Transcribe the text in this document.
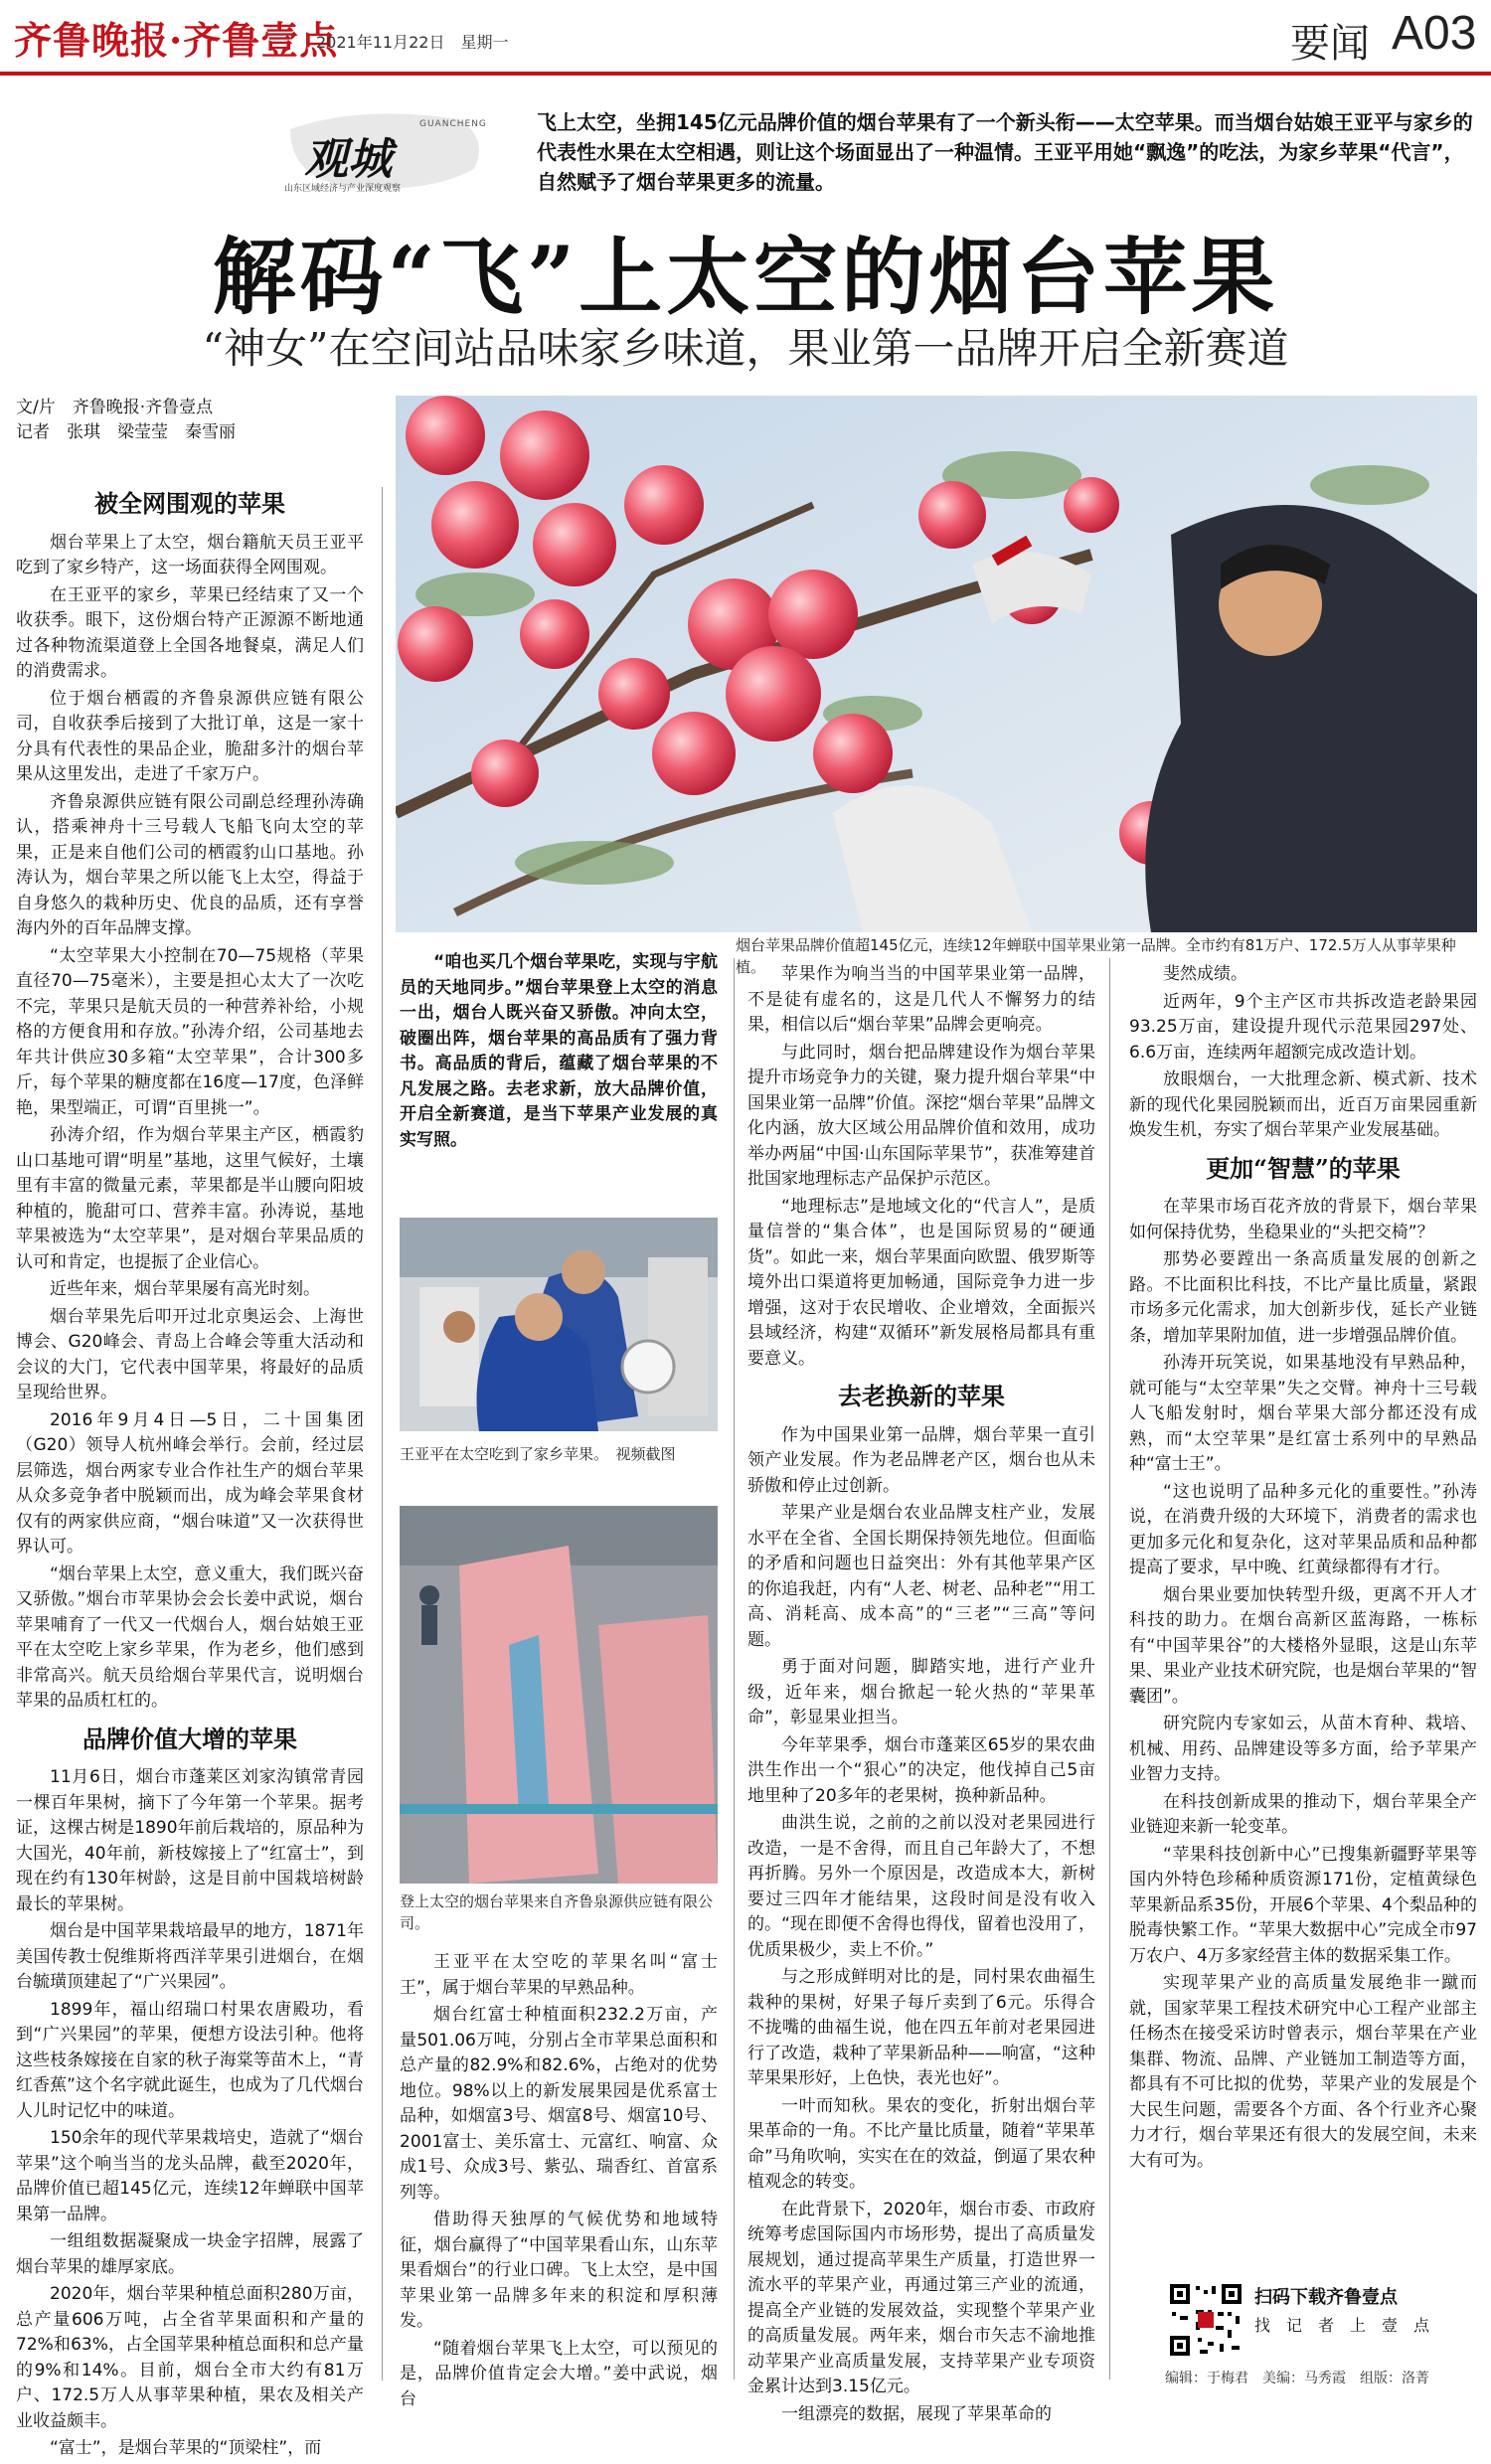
齐鲁晚报·齐鲁壹点
2021年11月22日　星期一	要闻 A03
观城
GUANCHENG
山东区域经济与产业深度观察
飞上太空，坐拥145亿元品牌价值的烟台苹果有了一个新头衔——太空苹果。而当烟台姑娘王亚平与家乡的代表性水果在太空相遇，则让这个场面显出了一种温情。王亚平用她“飘逸”的吃法，为家乡苹果“代言”，自然赋予了烟台苹果更多的流量。
解码“飞”上太空的烟台苹果
“神女”在空间站品味家乡味道，果业第一品牌开启全新赛道
文/片　齐鲁晚报·齐鲁壹点
记者　张琪　梁莹莹　秦雪丽
烟台苹果品牌价值超145亿元，连续12年蝉联中国苹果业第一品牌。全市约有81万户、172.5万人从事苹果种植。
被全网围观的苹果

烟台苹果上了太空，烟台籍航天员王亚平吃到了家乡特产，这一场面获得全网围观。

在王亚平的家乡，苹果已经结束了又一个收获季。眼下，这份烟台特产正源源不断地通过各种物流渠道登上全国各地餐桌，满足人们的消费需求。

位于烟台栖霞的齐鲁泉源供应链有限公司，自收获季后接到了大批订单，这是一家十分具有代表性的果品企业，脆甜多汁的烟台苹果从这里发出，走进了千家万户。

齐鲁泉源供应链有限公司副总经理孙涛确认，搭乘神舟十三号载人飞船飞向太空的苹果，正是来自他们公司的栖霞豹山口基地。孙涛认为，烟台苹果之所以能飞上太空，得益于自身悠久的栽种历史、优良的品质，还有享誉海内外的百年品牌支撑。

“太空苹果大小控制在70—75规格（苹果直径70—75毫米），主要是担心太大了一次吃不完，苹果只是航天员的一种营养补给，小规格的方便食用和存放。”孙涛介绍，公司基地去年共计供应30多箱“太空苹果”，合计300多斤，每个苹果的糖度都在16度—17度，色泽鲜艳，果型端正，可谓“百里挑一”。

孙涛介绍，作为烟台苹果主产区，栖霞豹山口基地可谓“明星”基地，这里气候好，土壤里有丰富的微量元素，苹果都是半山腰向阳坡种植的，脆甜可口、营养丰富。孙涛说，基地苹果被选为“太空苹果”，是对烟台苹果品质的认可和肯定，也提振了企业信心。

近些年来，烟台苹果屡有高光时刻。

烟台苹果先后叩开过北京奥运会、上海世博会、G20峰会、青岛上合峰会等重大活动和会议的大门，它代表中国苹果，将最好的品质呈现给世界。

2016年9月4日—5日，二十国集团（G20）领导人杭州峰会举行。会前，经过层层筛选，烟台两家专业合作社生产的烟台苹果从众多竞争者中脱颖而出，成为峰会苹果食材仅有的两家供应商，“烟台味道”又一次获得世界认可。

“烟台苹果上太空，意义重大，我们既兴奋又骄傲。”烟台市苹果协会会长姜中武说，烟台苹果哺育了一代又一代烟台人，烟台姑娘王亚平在太空吃上家乡苹果，作为老乡，他们感到非常高兴。航天员给烟台苹果代言，说明烟台苹果的品质杠杠的。

品牌价值大增的苹果

11月6日，烟台市蓬莱区刘家沟镇常青园一棵百年果树，摘下了今年第一个苹果。据考证，这棵古树是1890年前后栽培的，原品种为大国光，40年前，新枝嫁接上了“红富士”，到现在约有130年树龄，这是目前中国栽培树龄最长的苹果树。

烟台是中国苹果栽培最早的地方，1871年美国传教士倪维斯将西洋苹果引进烟台，在烟台毓璜顶建起了“广兴果园”。

1899年，福山绍瑞口村果农唐殿功，看到“广兴果园”的苹果，便想方设法引种。他将这些枝条嫁接在自家的秋子海棠等苗木上，“青红香蕉”这个名字就此诞生，也成为了几代烟台人儿时记忆中的味道。

150余年的现代苹果栽培史，造就了“烟台苹果”这个响当当的龙头品牌，截至2020年，品牌价值已超145亿元，连续12年蝉联中国苹果第一品牌。

一组组数据凝聚成一块金字招牌，展露了烟台苹果的雄厚家底。

2020年，烟台苹果种植总面积280万亩，总产量606万吨，占全省苹果面积和产量的72%和63%，占全国苹果种植总面积和总产量的9%和14%。目前，烟台全市大约有81万户、172.5万人从事苹果种植，果农及相关产业收益颇丰。

“富士”，是烟台苹果的“顶梁柱”，而

“咱也买几个烟台苹果吃，实现与宇航员的天地同步。”烟台苹果登上太空的消息一出，烟台人既兴奋又骄傲。冲向太空，破圈出阵，烟台苹果的高品质有了强力背书。高品质的背后，蕴藏了烟台苹果的不凡发展之路。去老求新，放大品牌价值，开启全新赛道，是当下苹果产业发展的真实写照。

王亚平在太空吃到了家乡苹果。　视频截图
登上太空的烟台苹果来自齐鲁泉源供应链有限公司。

王亚平在太空吃的苹果名叫“富士王”，属于烟台苹果的早熟品种。

烟台红富士种植面积232.2万亩，产量501.06万吨，分别占全市苹果总面积和总产量的82.9%和82.6%，占绝对的优势地位。98%以上的新发展果园是优系富士品种，如烟富3号、烟富8号、烟富10号、2001富士、美乐富士、元富红、响富、众成1号、众成3号、紫弘、瑞香红、首富系列等。

借助得天独厚的气候优势和地域特征，烟台赢得了“中国苹果看山东，山东苹果看烟台”的行业口碑。飞上太空，是中国苹果业第一品牌多年来的积淀和厚积薄发。

“随着烟台苹果飞上太空，可以预见的是，品牌价值肯定会大增。”姜中武说，烟台

苹果作为响当当的中国苹果业第一品牌，不是徒有虚名的，这是几代人不懈努力的结果，相信以后“烟台苹果”品牌会更响亮。

与此同时，烟台把品牌建设作为烟台苹果提升市场竞争力的关键，聚力提升烟台苹果“中国果业第一品牌”价值。深挖“烟台苹果”品牌文化内涵，放大区域公用品牌价值和效用，成功举办两届“中国·山东国际苹果节”，获准筹建首批国家地理标志产品保护示范区。

“地理标志”是地域文化的“代言人”，是质量信誉的“集合体”，也是国际贸易的“硬通货”。如此一来，烟台苹果面向欧盟、俄罗斯等境外出口渠道将更加畅通，国际竞争力进一步增强，这对于农民增收、企业增效，全面振兴县域经济，构建“双循环”新发展格局都具有重要意义。

去老换新的苹果

作为中国果业第一品牌，烟台苹果一直引领产业发展。作为老品牌老产区，烟台也从未骄傲和停止过创新。

苹果产业是烟台农业品牌支柱产业，发展水平在全省、全国长期保持领先地位。但面临的矛盾和问题也日益突出：外有其他苹果产区的你追我赶，内有“人老、树老、品种老”“用工高、消耗高、成本高”的“三老”“三高”等问题。

勇于面对问题，脚踏实地，进行产业升级，近年来，烟台掀起一轮火热的“苹果革命”，彰显果业担当。

今年苹果季，烟台市蓬莱区65岁的果农曲洪生作出一个“狠心”的决定，他伐掉自己5亩地里种了20多年的老果树，换种新品种。

曲洪生说，之前的之前以没对老果园进行改造，一是不舍得，而且自己年龄大了，不想再折腾。另外一个原因是，改造成本大，新树要过三四年才能结果，这段时间是没有收入的。“现在即便不舍得也得伐，留着也没用了，优质果极少，卖上不价。”

与之形成鲜明对比的是，同村果农曲福生栽种的果树，好果子每斤卖到了6元。乐得合不拢嘴的曲福生说，他在四五年前对老果园进行了改造，栽种了苹果新品种——响富，“这种苹果果形好，上色快，表光也好”。

一叶而知秋。果农的变化，折射出烟台苹果革命的一角。不比产量比质量，随着“苹果革命”马角吹响，实实在在的效益，倒逼了果农种植观念的转变。

在此背景下，2020年，烟台市委、市政府统筹考虑国际国内市场形势，提出了高质量发展规划，通过提高苹果生产质量，打造世界一流水平的苹果产业，再通过第三产业的流通，提高全产业链的发展效益，实现整个苹果产业的高质量发展。两年来，烟台市矢志不渝地推动苹果产业高质量发展，支持苹果产业专项资金累计达到3.15亿元。

一组漂亮的数据，展现了苹果革命的

斐然成绩。

近两年，9个主产区市共拆改造老龄果园93.25万亩，建设提升现代示范果园297处、6.6万亩，连续两年超额完成改造计划。

放眼烟台，一大批理念新、模式新、技术新的现代化果园脱颖而出，近百万亩果园重新焕发生机，夯实了烟台苹果产业发展基础。

更加“智慧”的苹果

在苹果市场百花齐放的背景下，烟台苹果如何保持优势，坐稳果业的“头把交椅”？

那势必要蹚出一条高质量发展的创新之路。不比面积比科技，不比产量比质量，紧跟市场多元化需求，加大创新步伐，延长产业链条，增加苹果附加值，进一步增强品牌价值。

孙涛开玩笑说，如果基地没有早熟品种，就可能与“太空苹果”失之交臂。神舟十三号载人飞船发射时，烟台苹果大部分都还没有成熟，而“太空苹果”是红富士系列中的早熟品种“富士王”。

“这也说明了品种多元化的重要性。”孙涛说，在消费升级的大环境下，消费者的需求也更加多元化和复杂化，这对苹果品质和品种都提高了要求，早中晚、红黄绿都得有才行。

烟台果业要加快转型升级，更离不开人才科技的助力。在烟台高新区蓝海路，一栋标有“中国苹果谷”的大楼格外显眼，这是山东苹果、果业产业技术研究院，也是烟台苹果的“智囊团”。

研究院内专家如云，从苗木育种、栽培、机械、用药、品牌建设等多方面，给予苹果产业智力支持。

在科技创新成果的推动下，烟台苹果全产业链迎来新一轮变革。

“苹果科技创新中心”已搜集新疆野苹果等国内外特色珍稀种质资源171份，定植黄绿色苹果新品系35份，开展6个苹果、4个梨品种的脱毒快繁工作。“苹果大数据中心”完成全市97万农户、4万多家经营主体的数据采集工作。

实现苹果产业的高质量发展绝非一蹴而就，国家苹果工程技术研究中心工程产业部主任杨杰在接受采访时曾表示，烟台苹果在产业集群、物流、品牌、产业链加工制造等方面，都具有不可比拟的优势，苹果产业的发展是个大民生问题，需要各个方面、各个行业齐心聚力才行，烟台苹果还有很大的发展空间，未来大有可为。

扫码下载齐鲁壹点
找　记　者　上　壹　点
编辑：于梅君　美编：马秀霞　组版：洛菁
